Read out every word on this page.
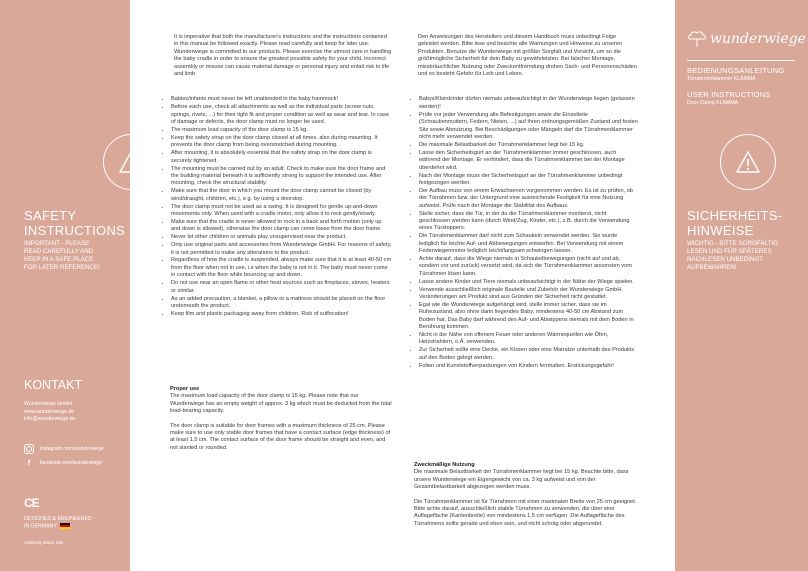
SAFETY
INSTRUCTIONS
IMPORTANT - PLEASE READ CAREFULLY AND KEEP IN A SAFE PLACE FOR LATER REFERENCE!
KONTAKT
Wunderwiege GmbH
www.wunderwiege.de
info@wunderwiege.de
instagram.com/wunderwiege
f	facebook.com/wunderwiege
CE
DESIGNED & ENGINEERED
IN GERMANY
Anleitung Stand: 328
wunderwiege
BEDIENUNGSANLEITUNG
Türrahmenklammer KLAMMA
USER INSTRUCTIONS
Door Clamp KLAMMA
SICHERHEITS-
HINWEISE
WICHTIG - BITTE SORGFÄLTIG LESEN UND FÜR SPÄTERES NACHLESEN UNBEDINGT AUFBEWAHREN!

It is imperative that both the manufacturer's instructions and the instructions contained in this manual be followed exactly. Please read carefully and keep for later use. Wunderwiege is committed to our products. Please exercise the utmost care in handling the baby cradle in order to ensure the greatest possible safety for your child. Incorrect assembly or misuse can cause material damage or personal injury and entail risk to life and limb

• Babies/infants must never be left unattended in the baby hammock!
• Before each use, check all attachments as well as the individual parts (screw nuts, springs, rivets, ...) for their tight fit and proper condition as well as wear and tear. In case of damage or defects, the door clamp must no longer be used.
• The maximum load capacity of the door clamp is 15 kg.
• Keep the safety strap on the door clamp closed at all times, also during mounting. It prevents the door clamp from being overstretched during mounting.
• After mounting, it is absolutely essential that the safety strap on the door clamp is securely tightened.
• The mounting must be carried out by an adult. Check to make sure the door frame and the building material beneath it is sufficiently strong to support the intended use. After mounting, check the structural stability.
• Make sure that the door in which you mount the door clamp cannot be closed (by wind/draught, children, etc.), e.g. by using a doorstop.
• The door clamp must not be used as a swing. It is designed for gentle up-and-down movements only. When used with a cradle motor, only allow it to rock gently/slowly.
• Make sure that the cradle is never allowed to rock in a back and forth motion (only up and down is allowed), otherwise the door clamp can come loose from the door frame.
• Never let other children or animals play unsupervised near the product.
• Only use original parts and accessories from Wunderwiege GmbH. For reasons of safety, it is not permitted to make any alterations to the product.
• Regardless of how the cradle is suspended, always make sure that it is at least 40-50 cm from the floor when not in use, i.e when the baby is not in it. The baby must never come in contact with the floor while bouncing up and down.
• Do not use near an open flame or other heat sources such as fireplaces, stoves, heaters or similar.
• As an added precaution, a blanket, a pillow or a mattress should be placed on the floor underneath the product.
• Keep film and plastic packaging away from children. Risk of suffocation!

Proper use

The maximum load capacity of the door clamp is 15 kg. Please note that our Wunderwiege has an empty weight of approx. 3 kg which must be deducted from the total load-bearing capacity.

The door clamp is suitable for door frames with a maximum thickness of 25 cm. Please make sure to use only stable door frames that have a contact surface (edge thickness) of at least 1.5 cm. The contact surface of the door frame should be straight and even, and not slanted or rounded.

Den Anweisungen des Herstellers und diesem Handbuch muss unbedingt Folge geleistet werden. Bitte lese und beachte alle Warnungen und Hinweise zu unseren Produkten. Benutze die Wunderwiege mit größter Sorgfalt und Vorsicht, um so die größtmögliche Sicherheit für dein Baby zu gewährleisten. Bei falscher Montage, missbräuchlicher Nutzung oder Zweckentfremdung drohen Sach- und Personenschäden und es besteht Gefahr für Leib und Leben.

• Babys/Kleinkinder dürfen niemals unbeaufsichtigt in der Wunderwiege liegen (gelassen werden)!
• Prüfe vor jeder Verwendung alle Befestigungen sowie die Einzelteile (Schraubenmuttern, Federn, Nieten, ...) auf ihren ordnungsgemäßen Zustand und festen Sitz sowie Abnutzung. Bei Beschädigungen oder Mängeln darf die Türrahmenklammer nicht mehr verwendet werden.
• Die maximale Belastbarkeit der Türrahmenklammer liegt bei 15 kg.
• Lasse den Sicherheitsgurt an der Türrahmenklammer immer geschlossen, auch während der Montage. Er verhindert, dass die Türrahmenklammer bei der Montage überdehnt wird.
• Nach der Montage muss der Sicherheitsgurt an der Türrahmenklammer unbedingt festgezogen werden.
• Der Aufbau muss von einem Erwachsenen vorgenommen werden. Es ist zu prüfen, ob der Türrahmen bzw. der Untergrund eine ausreichende Festigkeit für eine Nutzung aufweist. Prüfe nach der Montage die Stabilität des Aufbaus.
• Stelle sicher, dass die Tür, in der du die Türrahmenklammer montierst, nicht geschlossen werden kann (durch Wind/Zug, Kinder, etc.), z.B. durch die Verwendung eines Türstoppers.
• Die Türrahmenklammer darf nicht zum Schaukeln verwendet werden. Sie wurde lediglich für leichte Auf- und Abbewegungen entworfen. Bei Verwendung mit einem Federwiegenmotor lediglich leicht/langsam schwingen lassen.
• Achte darauf, dass die Wiege niemals in Schaukelbewegungen (nicht auf und ab, sondern vor und zurück) versetzt wird, da sich die Türrahmenklammer ansonsten vom Türrahmen lösen kann.
• Lasse andere Kinder und Tiere niemals unbeaufsichtigt in der Nähe der Wiege spielen.
• Verwende ausschließlich originale Bauteile und Zubehör der Wunderwiege GmbH. Veränderungen am Produkt sind aus Gründen der Sicherheit nicht gestattet.
• Egal wie die Wunderwiege aufgehängt wird, stelle immer sicher, dass sie im Ruhezustand, also ohne darin liegendes Baby, mindestens 40-50 cm Abstand zum Boden hat. Das Baby darf während des Auf- und Abwippens niemals mit dem Boden in Berührung kommen.
• Nicht in der Nähe von offenem Feuer oder anderen Wärmequellen wie Öfen, Heizstrahlern, o.Ä. verwenden.
• Zur Sicherheit sollte eine Decke, ein Kissen oder eine Matratze unterhalb des Produkts auf den Boden gelegt werden.
• Folien und Kunststoffverpackungen von Kindern fernhalten. Erstickungsgefahr!

Zweckmäßige Nutzung

Die maximale Belastbarkeit der Türrahmenklammer liegt bei 15 kg. Beachte bitte, dass unsere Wunderwiege ein Eigengewicht von ca. 3 kg aufweist und von der Gesamtbelastbarkeit abgezogen werden muss.

Die Türrahmenklammer ist für Türrahmen mit einer maximalen Breite von 25 cm geeignet. Bitte achte darauf, ausschließlich stabile Türrahmen zu verwenden, die über eine Auflagefläche (Kantenbreite) von mindestens 1,5 cm verfügen. Die Auflagefläche des Türrahmens sollte gerade und eben sein, und nicht schräg oder abgerundet.
